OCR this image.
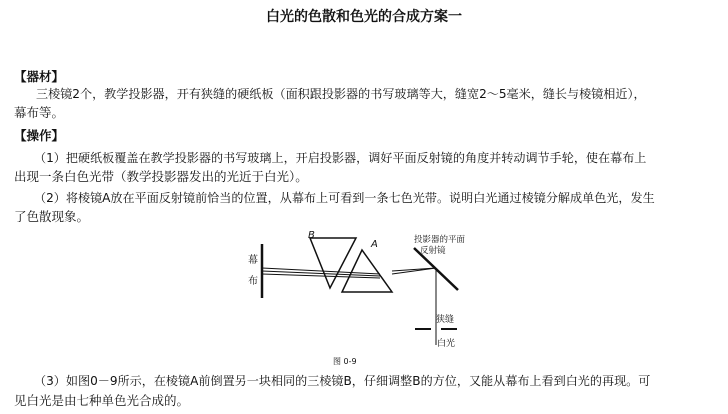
白光的色散和色光的合成方案一
【器材】
三棱镜2个，教学投影器，开有狭缝的硬纸板（面积跟投影器的书写玻璃等大，缝宽2～5毫米，缝长与棱镜相近），
幕布等。
【操作】
（1）把硬纸板覆盖在教学投影器的书写玻璃上，开启投影器，调好平面反射镜的角度并转动调节手轮，使在幕布上
出现一条白色光带（教学投影器发出的光近于白光）。
（2）将棱镜A放在平面反射镜前恰当的位置，从幕布上可看到一条七色光带。说明白光通过棱镜分解成单色光，发生
了色散现象。
幕
布
B
A	投影器的平面
反射镜
狭缝
白光
图 0-9
（3）如图0－9所示，在棱镜A前倒置另一块相同的三棱镜B，仔细调整B的方位，又能从幕布上看到白光的再现。可
见白光是由七种单色光合成的。
